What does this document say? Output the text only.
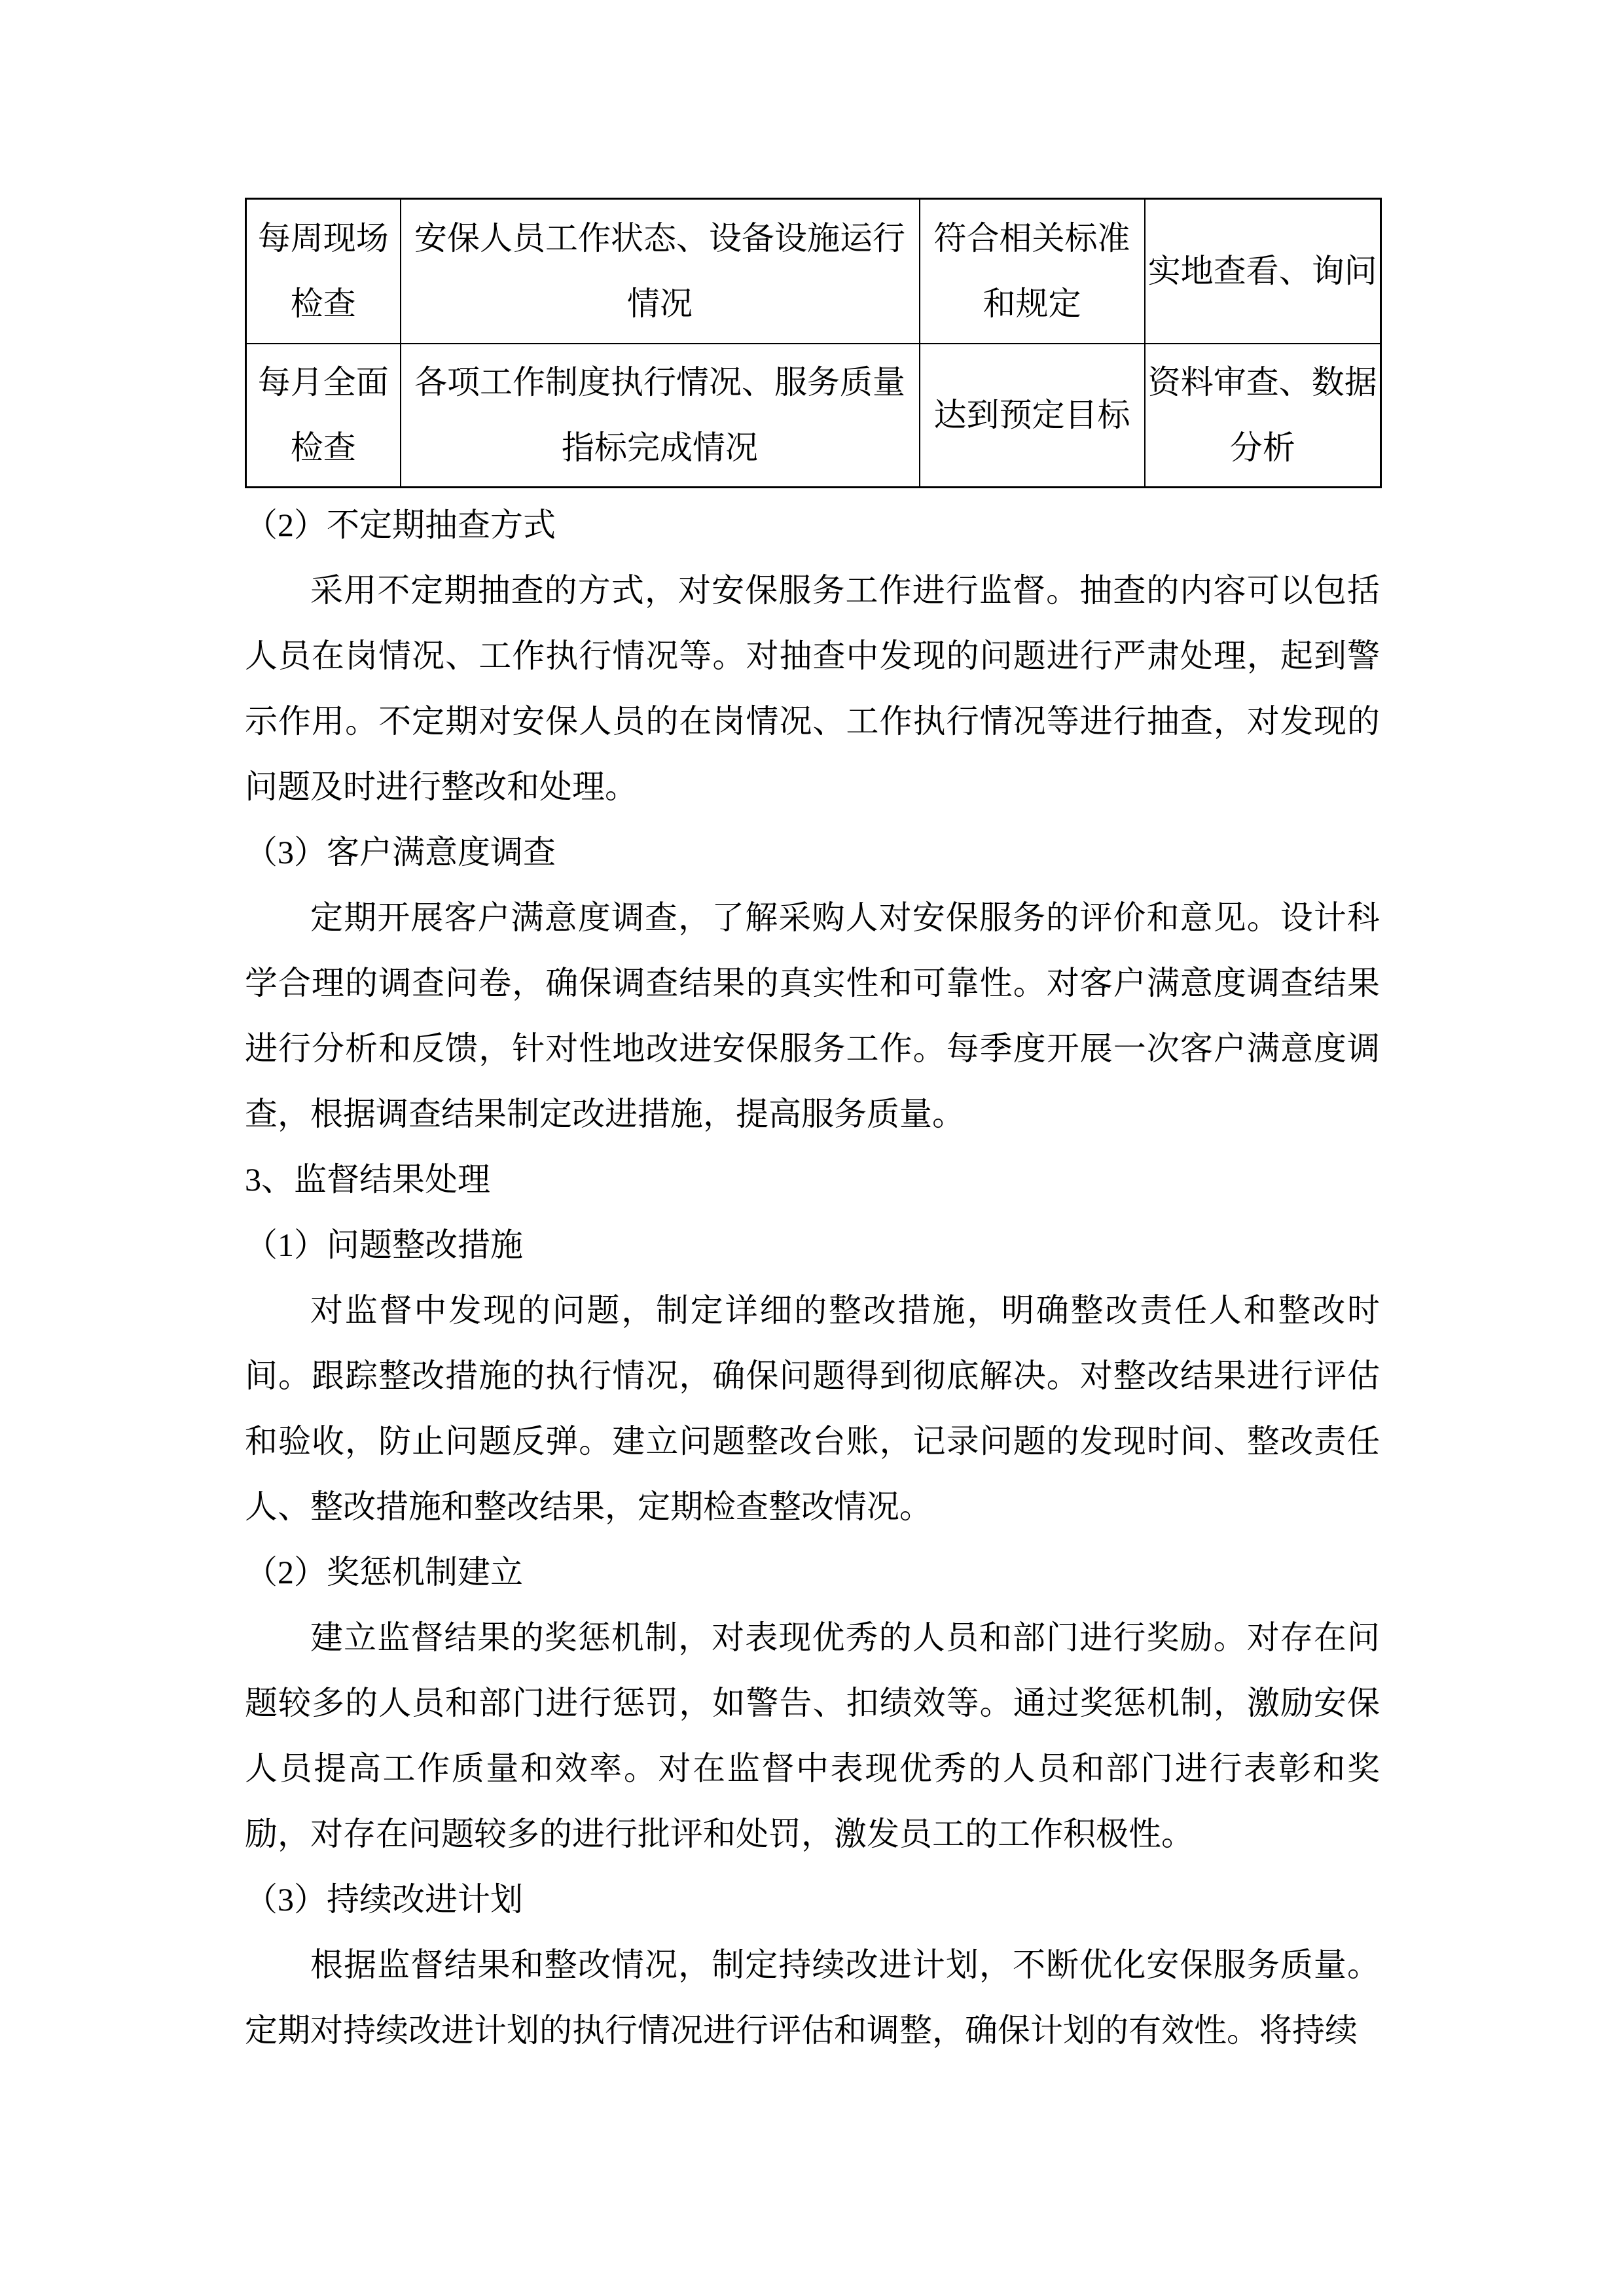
每周现场检查	安保人员工作状态、设备设施运行情况	符合相关标准和规定	实地查看、询问
每月全面检查	各项工作制度执行情况、服务质量指标完成情况	达到预定目标	资料审查、数据分析
（2）不定期抽查方式

采用不定期抽查的方式，对安保服务工作进行监督。抽查的内容可以包括人员在岗情况、工作执行情况等。对抽查中发现的问题进行严肃处理，起到警示作用。不定期对安保人员的在岗情况、工作执行情况等进行抽查，对发现的问题及时进行整改和处理。

（3）客户满意度调查

定期开展客户满意度调查，了解采购人对安保服务的评价和意见。设计科学合理的调查问卷，确保调查结果的真实性和可靠性。对客户满意度调查结果进行分析和反馈，针对性地改进安保服务工作。每季度开展一次客户满意度调查，根据调查结果制定改进措施，提高服务质量。

3、监督结果处理
（1）问题整改措施

对监督中发现的问题，制定详细的整改措施，明确整改责任人和整改时间。跟踪整改措施的执行情况，确保问题得到彻底解决。对整改结果进行评估和验收，防止问题反弹。建立问题整改台账，记录问题的发现时间、整改责任人、整改措施和整改结果，定期检查整改情况。

（2）奖惩机制建立

建立监督结果的奖惩机制，对表现优秀的人员和部门进行奖励。对存在问题较多的人员和部门进行惩罚，如警告、扣绩效等。通过奖惩机制，激励安保人员提高工作质量和效率。对在监督中表现优秀的人员和部门进行表彰和奖励，对存在问题较多的进行批评和处罚，激发员工的工作积极性。

（3）持续改进计划

根据监督结果和整改情况，制定持续改进计划，不断优化安保服务质量。定期对持续改进计划的执行情况进行评估和调整，确保计划的有效性。将持续
